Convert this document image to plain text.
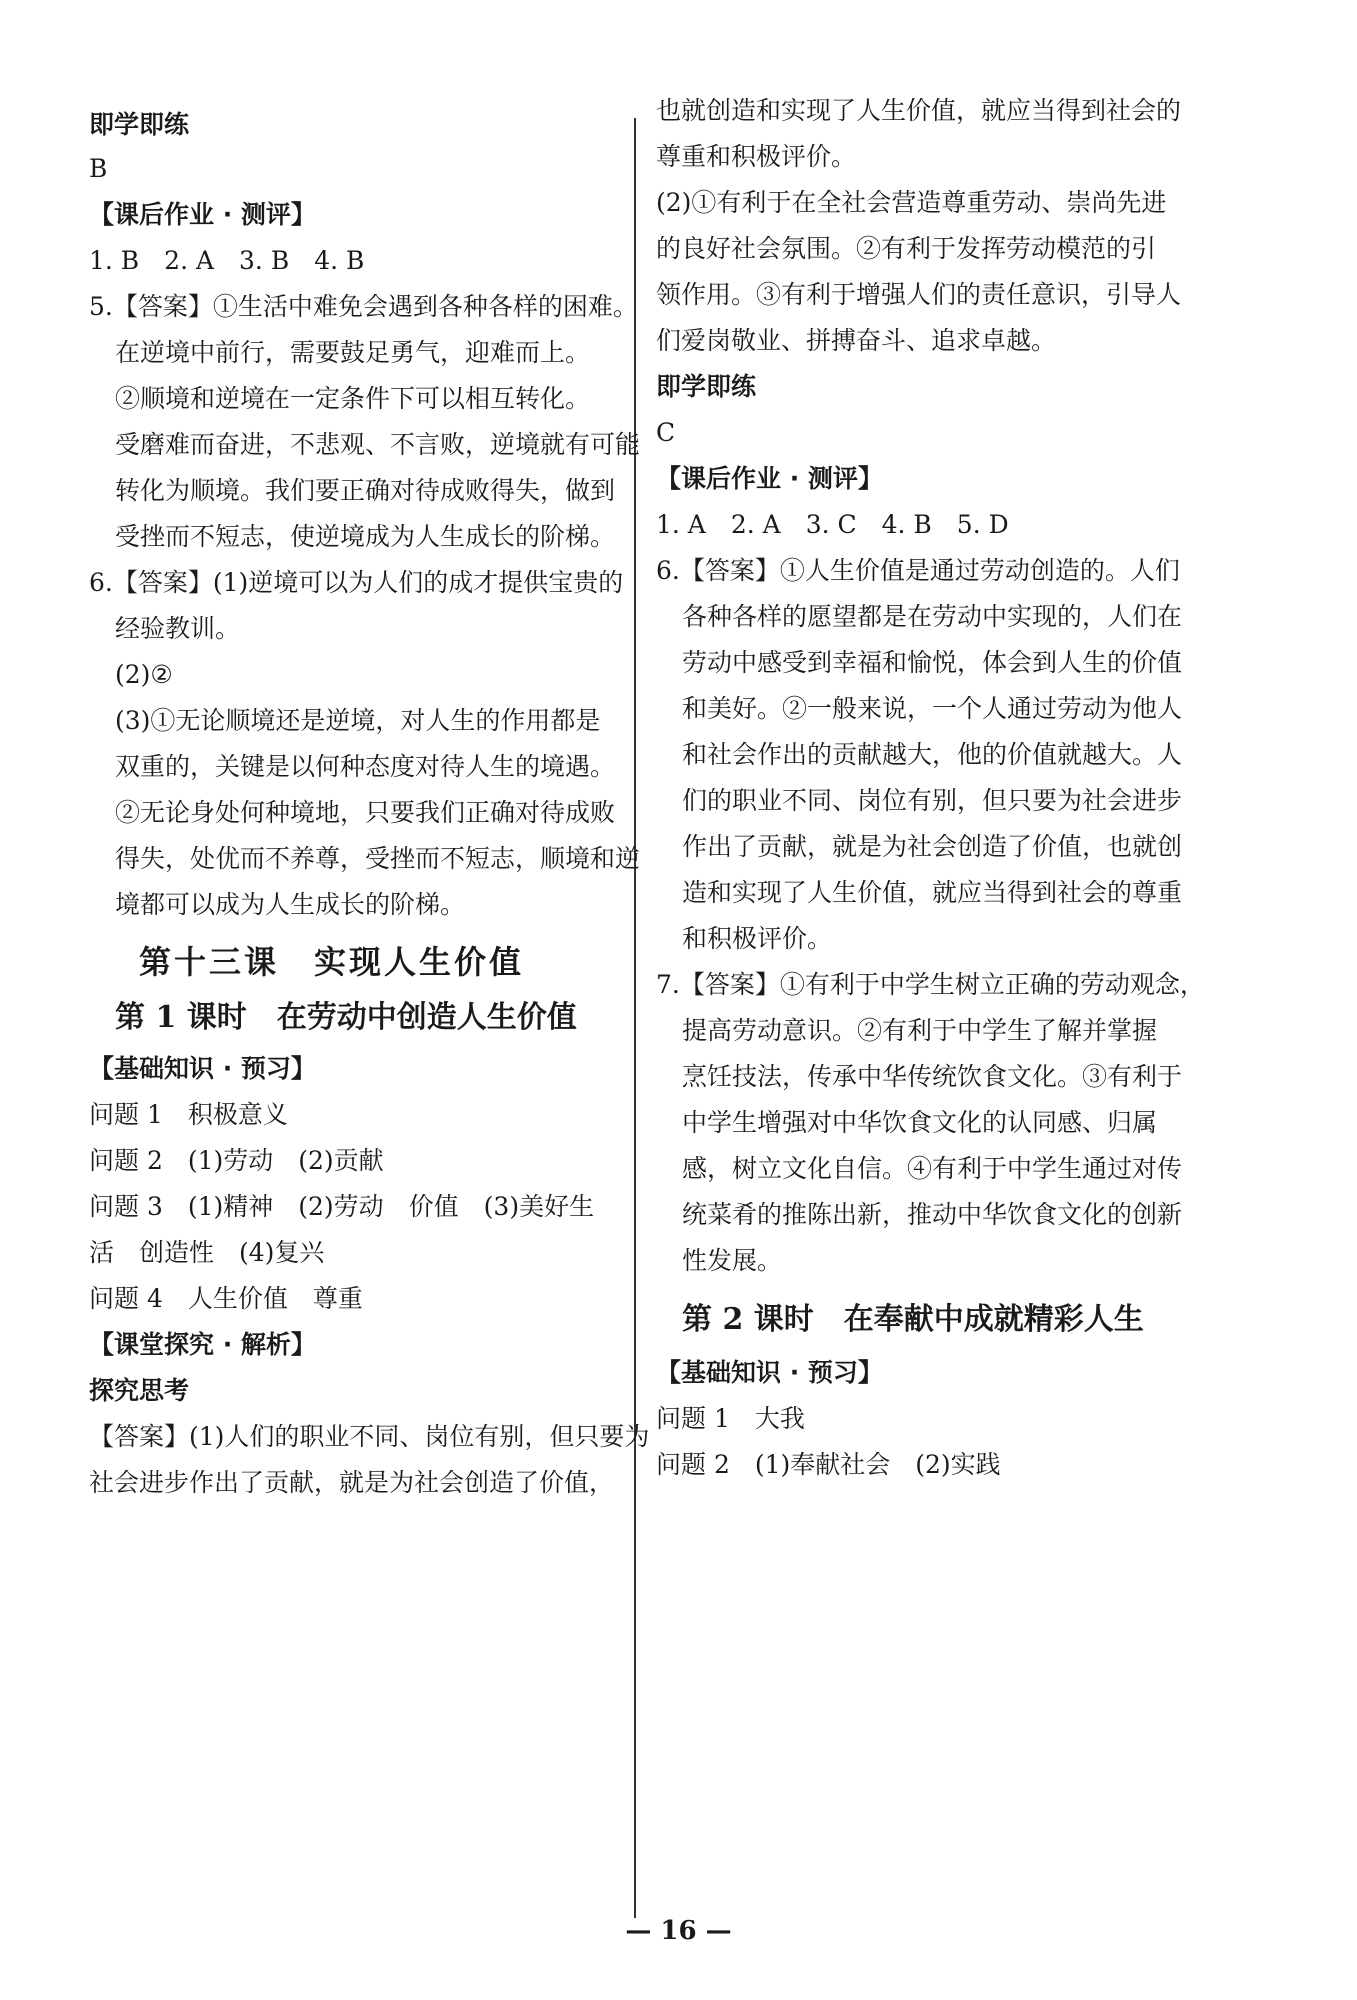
即学即练
B
【课后作业 · 测评】
1. B　2. A　3. B　4. B
5.【答案】①生活中难免会遇到各种各样的困难。
在逆境中前行，需要鼓足勇气，迎难而上。
②顺境和逆境在一定条件下可以相互转化。
受磨难而奋进，不悲观、不言败，逆境就有可能
转化为顺境。我们要正确对待成败得失，做到
受挫而不短志，使逆境成为人生成长的阶梯。
6.【答案】(1)逆境可以为人们的成才提供宝贵的
经验教训。
(2)②
(3)①无论顺境还是逆境，对人生的作用都是
双重的，关键是以何种态度对待人生的境遇。
②无论身处何种境地，只要我们正确对待成败
得失，处优而不养尊，受挫而不短志，顺境和逆
境都可以成为人生成长的阶梯。
第十三课　实现人生价值
第 1 课时　在劳动中创造人生价值
【基础知识 · 预习】
问题 1　积极意义
问题 2　(1)劳动　(2)贡献
问题 3　(1)精神　(2)劳动　价值　(3)美好生
活　创造性　(4)复兴
问题 4　人生价值　尊重
【课堂探究 · 解析】
探究思考
【答案】(1)人们的职业不同、岗位有别，但只要为
社会进步作出了贡献，就是为社会创造了价值，
也就创造和实现了人生价值，就应当得到社会的
尊重和积极评价。
(2)①有利于在全社会营造尊重劳动、崇尚先进
的良好社会氛围。②有利于发挥劳动模范的引
领作用。③有利于增强人们的责任意识，引导人
们爱岗敬业、拼搏奋斗、追求卓越。
即学即练
C
【课后作业 · 测评】
1. A　2. A　3. C　4. B　5. D
6.【答案】①人生价值是通过劳动创造的。人们
各种各样的愿望都是在劳动中实现的，人们在
劳动中感受到幸福和愉悦，体会到人生的价值
和美好。②一般来说，一个人通过劳动为他人
和社会作出的贡献越大，他的价值就越大。人
们的职业不同、岗位有别，但只要为社会进步
作出了贡献，就是为社会创造了价值，也就创
造和实现了人生价值，就应当得到社会的尊重
和积极评价。
7.【答案】①有利于中学生树立正确的劳动观念，
提高劳动意识。②有利于中学生了解并掌握
烹饪技法，传承中华传统饮食文化。③有利于
中学生增强对中华饮食文化的认同感、归属
感，树立文化自信。④有利于中学生通过对传
统菜肴的推陈出新，推动中华饮食文化的创新
性发展。
第 2 课时　在奉献中成就精彩人生
【基础知识 · 预习】
问题 1　大我
问题 2　(1)奉献社会　(2)实践
— 16 —
